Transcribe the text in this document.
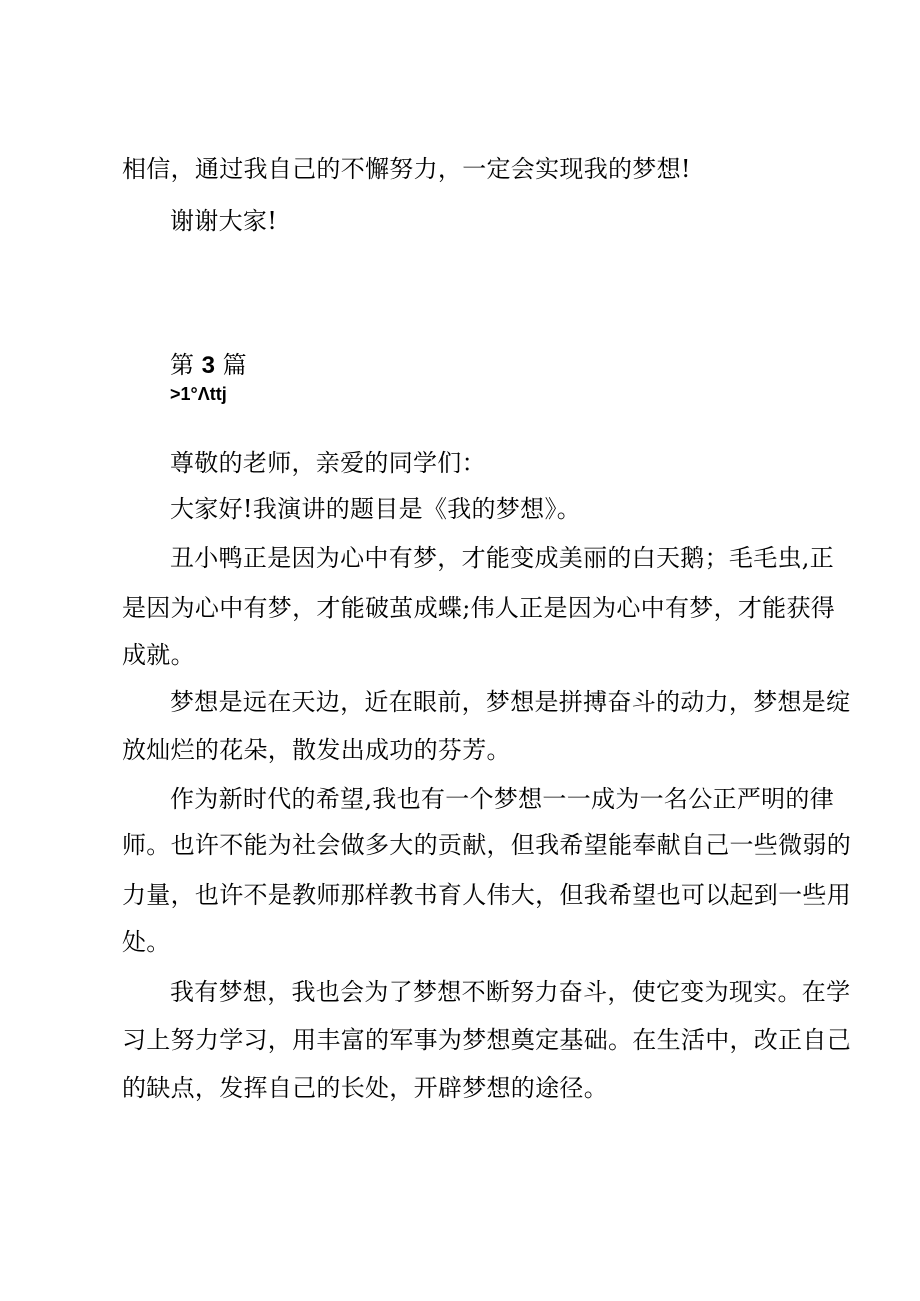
相信，通过我自己的不懈努力，一定会实现我的梦想!
谢谢大家!
第 3 篇
>1°Λttj
尊敬的老师，亲爱的同学们：
大家好!我演讲的题目是《我的梦想》。
丑小鸭正是因为心中有梦，才能变成美丽的白天鹅；毛毛虫,正
是因为心中有梦，才能破茧成蝶;伟人正是因为心中有梦，才能获得
成就。
梦想是远在天边，近在眼前，梦想是拼搏奋斗的动力，梦想是绽
放灿烂的花朵，散发出成功的芬芳。
作为新时代的希望,我也有一个梦想一一成为一名公正严明的律
师。也许不能为社会做多大的贡献，但我希望能奉献自己一些微弱的
力量，也许不是教师那样教书育人伟大，但我希望也可以起到一些用
处。
我有梦想，我也会为了梦想不断努力奋斗，使它变为现实。在学
习上努力学习，用丰富的军事为梦想奠定基础。在生活中，改正自己
的缺点，发挥自己的长处，开辟梦想的途径。
